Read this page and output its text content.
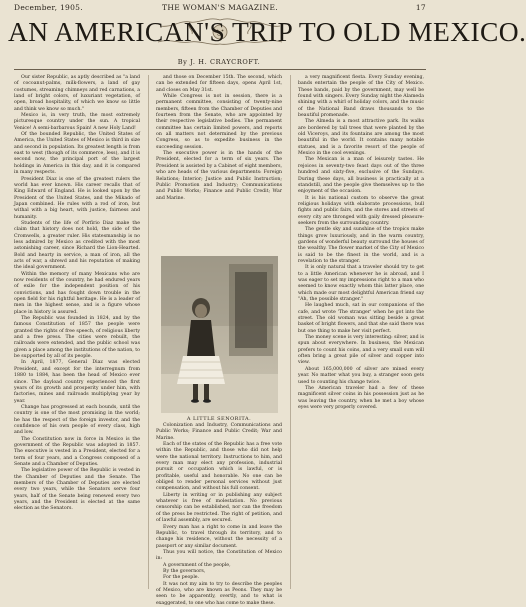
December, 1905.	THE WOMAN'S MAGAZINE.	17
AN AMERICAN'S TRIP TO OLD MEXICO.
By J. H. CRAYCROFT.

Our sister Republic, as aptly described as "a land of cocoanut-palms, milk-flowers, a land of gay costumes, streaming chimneys and red carnations, a land of bright colors, of luxuriant vegetation, of open, broad hospitality, of which we know so little and think we know so much."

Mexico is, in very truth, the most extremely picturesque country under the sun. A tropical Venice! A semi-barbarous Spain! A new Holy Land!

Of the bounded Republic, the United States of America, the United States of Mexico is third in size and second in population. Its greatest length is from east to west (though of its commerce, less), and it is second now, the principal port of the largest holdings in America in this day, and it is compared in many respects.

President Diaz is one of the greatest rulers the world has ever known. His career recalls that of King Edward of England. He is looked upon by the President of the United States, and the Mikado of Japan combined. He rules with a rod of iron, but withal with a big heart, with justice, fairness and humanity.

Students of the life of Porfirio Diaz make the claim that history does not hold, the side of the Cromwells, a greater ruler. His statesmanship is no less admired by Mexico as credited with the most astonishing career, since Richard the Lion-Hearted. Bold and hearty in service, a man of iron, all the acts of war, a shrewd and his reputation of making the ideal government.

Within the memory of many Mexicans who are now residents of the country, he had endured years of exile for the independent position of his convictions, and has fought down trouble in the open field for his rightful heritage. He is a leader of men in the highest sense, and is a figure whose place in history is assured.

The Republic was founded in 1824, and by the famous Constitution of 1857 the people were granted the rights of free speech, of religious liberty and a free press. The cities were rebuilt, the railroads were extended, and the public school was given a place among the institutions of the nation, to be supported by all of its people.

In April, 1877, General Diaz was elected President, and except for the interregnum from 1880 to 1884, has been the head of Mexico ever since. The dayload country experienced the first years of its growth and prosperity under him, with factories, mines and railroads multiplying year by year.

Change has progressed at each bounds, until the country is one of the most promising in the world; he has the respect of the foreign investor, and the confidence of his own people of every class, high and low.

The Constitution now in force in Mexico is the government of the Republic was adopted in 1857. The executive is vested in a President, elected for a term of four years, and a Congress composed of a Senate and a Chamber of Deputies.

The legislative power of the Republic is vested in the Chamber of Deputies and the Senate. The members of the Chamber of Deputies are elected every two years, while the Senators serve four years, half of the Senate being renewed every two years, and the President is elected at the same election as the Senators.

and those on December 15th. The second, which can be extended for fifteen days, opens April 1st, and closes on May 31st.

While Congress is not in session, there is a permanent committee, consisting of twenty-nine members, fifteen from the Chamber of Deputies and fourteen from the Senate, who are appointed by their respective legislative bodies. The permanent committee has certain limited powers, and reports on all matters not determined by the previous Congress, so as to expedite business in the succeeding session.

The executive power is in the hands of the President, elected for a term of six years. The President is assisted by a Cabinet of eight members, who are heads of the various departments: Foreign Relations; Interior; Justice and Public Instruction; Public Promotion and Industry; Communications and Public Works; Finance and Public Credit; War and Marine.

A LITTLE SENORITA.

Colonization and Industry, Communications and Public Works; Finance and Public Credit; War and Marine.

Each of the states of the Republic has a free vote within the Republic, and those who did not help were the national territory. Instructions to him, and every man may elect any profession, industrial pursuit or occupation which is lawful, or is profitable, useful and honorable. No one can be obliged to render personal services without just compensation, and without his full consent.

Liberty in writing or in publishing any subject whatever is free of molestation. No previous censorship can be established, nor can the freedom of the press be restricted. The right of petition, and of lawful assembly, are secured.

Every man has a right to come in and leave the Republic, to travel through its territory, and to change his residence, without the necessity of a passport or any similar document.

Thus you will notice, the Constitution of Mexico in:

A government of the people,

By the governors,

For the people.

It was not my aim to try to describe the peoples of Mexico, who are known as Peons. They may be seen to be apparently, overtly, and to what is exaggerated, to one who has come to make these.

a very magnificent fiesta. Every Sunday evening, bands entertain the people of the City of Mexico. These bands, paid by the government, may well be found with singers. Every Sunday night the Alameda shining with a whirl of holiday colors, and the music of the National Band draws thousands to the beautiful promenade.

The Almeda is a most attractive park. Its walks are bordered by tall trees that were planted by the old Viceroys, and its fountains are among the most beautiful in the world. It contains many notable statues, and is a favorite resort of the people of Mexico in the cool evenings.

The Mexican is a man of leisurely tastes. He rejoices in seventy-two feast days out of the three hundred and sixty-five, exclusive of the Sundays. During these days, all business is practically at a standstill, and the people give themselves up to the enjoyment of the occasion.

It is his national custom to observe the great religious holidays with elaborate processions, bull fights and public fairs, and the stores and streets of every city are thronged with gaily dressed pleasure-seekers from the surrounding country.

The gentle sky and sunshine of the tropics make things grow luxuriously, and in the warm country, gardens of wonderful beauty surround the houses of the wealthy. The flower market of the City of Mexico is said to be the finest in the world, and is a revelation to the stranger.

It is only natural that a traveler should try to get to a little American whenever he is abroad, and I was eager to set my impressions right to a man who seemed to know exactly whom this latter place, one which made our most delightful American friend say "Ah, the possible stranger."

He laughed much, sat in our companions of the cafe, and wrote 'The stranger' when he got into the street. The old woman was sitting beside a great basket of bright flowers, and that she said there was but one thing to make her visit perfect.

The money scene is very interesting: silver, and is spun about everywhere. In business, the Mexican prefers to count his coins, and a very small sum will often bring a great pile of silver and copper into view.

About 165,000,000 of silver are mined every year. No matter what you buy, a stranger soon gets used to counting his change twice.

The American traveler had a few of these magnificent silver coins in his possession just as he was leaving the country, when he met a boy whose eyes were very properly covered.
